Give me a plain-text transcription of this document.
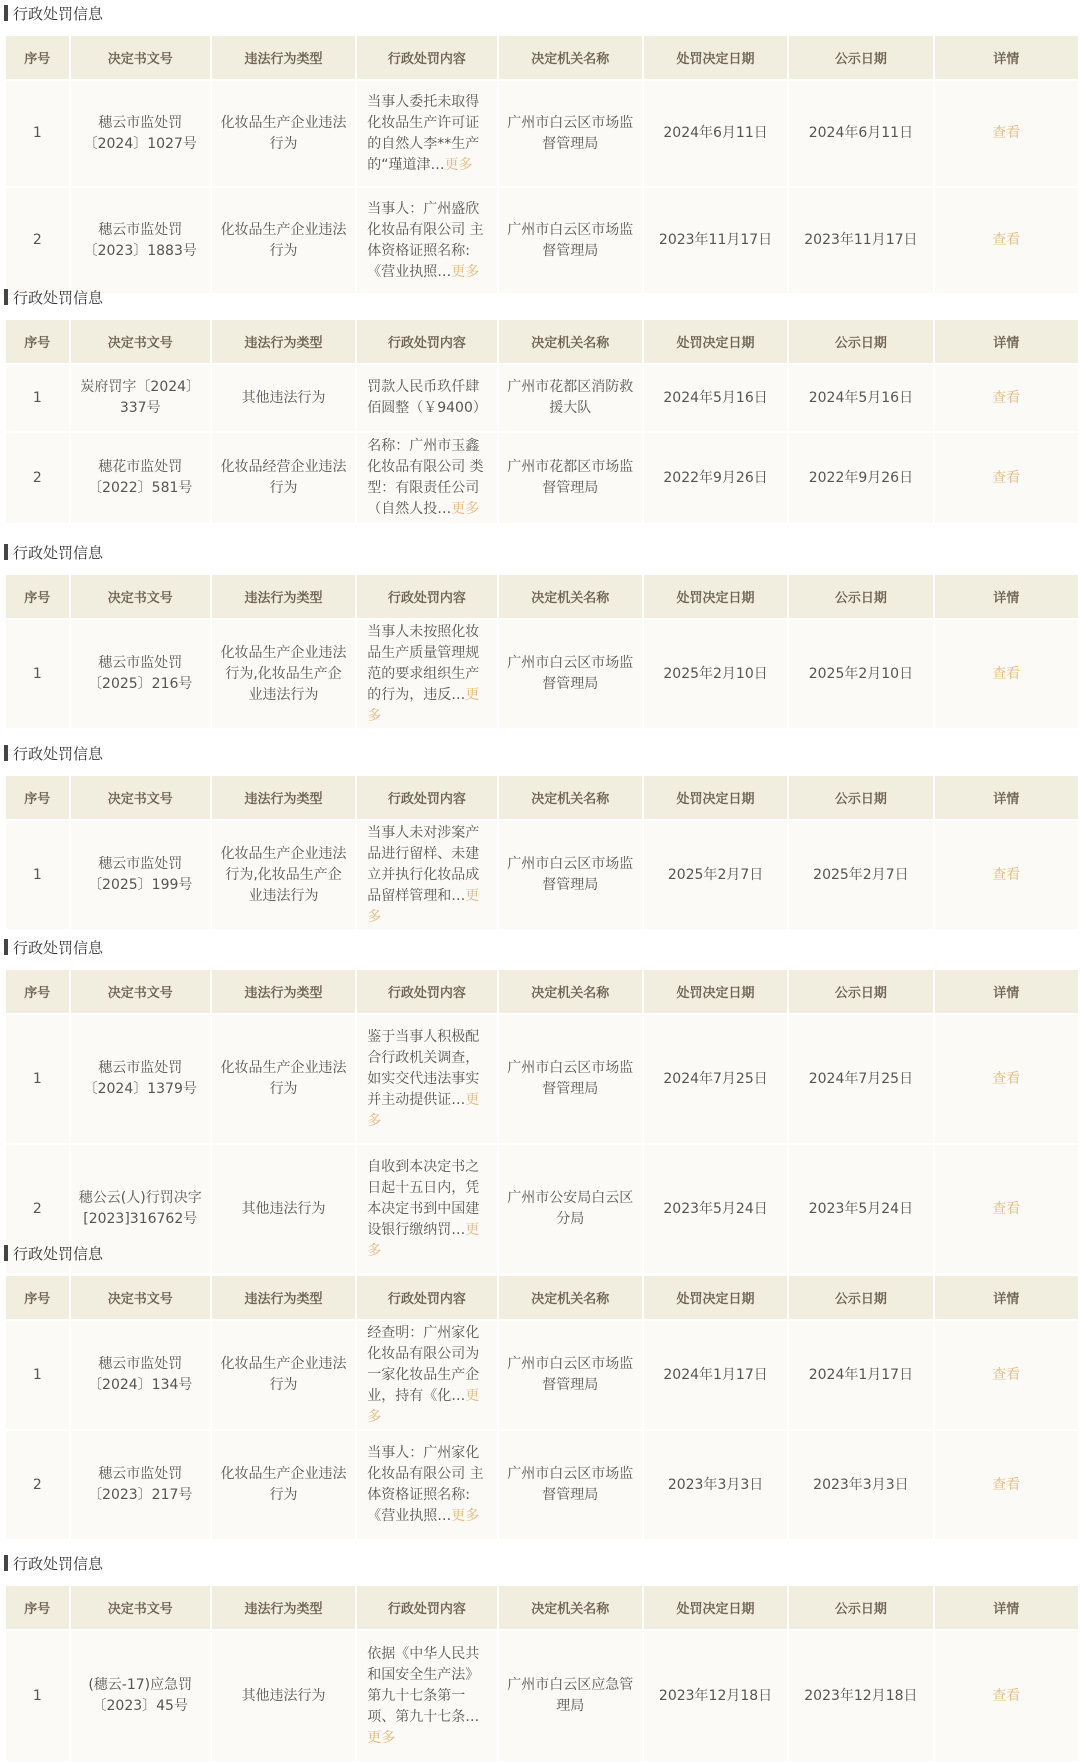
行政处罚信息
序号	决定书文号	违法行为类型	行政处罚内容	决定机关名称	处罚决定日期	公示日期	详情
1	穗云市监处罚〔2024〕1027号	化妆品生产企业违法行为	当事人委托未取得化妆品生产许可证的自然人李**生产的“瑾道津…更多	广州市白云区市场监督管理局	2024年6月11日	2024年6月11日	查看
2	穗云市监处罚〔2023〕1883号	化妆品生产企业违法行为	当事人：广州盛欣化妆品有限公司 主体资格证照名称:《营业执照…更多	广州市白云区市场监督管理局	2023年11月17日	2023年11月17日	查看
行政处罚信息
序号	决定书文号	违法行为类型	行政处罚内容	决定机关名称	处罚决定日期	公示日期	详情
1	炭府罚字〔2024〕337号	其他违法行为	罚款人民币玖仟肆佰圆整（￥9400）	广州市花都区消防救援大队	2024年5月16日	2024年5月16日	查看
2	穗花市监处罚〔2022〕581号	化妆品经营企业违法行为	名称：广州市玉鑫化妆品有限公司 类型：有限责任公司（自然人投…更多	广州市花都区市场监督管理局	2022年9月26日	2022年9月26日	查看
行政处罚信息
序号	决定书文号	违法行为类型	行政处罚内容	决定机关名称	处罚决定日期	公示日期	详情
1	穗云市监处罚〔2025〕216号	化妆品生产企业违法行为,化妆品生产企业违法行为	当事人未按照化妆品生产质量管理规范的要求组织生产的行为，违反…更多	广州市白云区市场监督管理局	2025年2月10日	2025年2月10日	查看
行政处罚信息
序号	决定书文号	违法行为类型	行政处罚内容	决定机关名称	处罚决定日期	公示日期	详情
1	穗云市监处罚〔2025〕199号	化妆品生产企业违法行为,化妆品生产企业违法行为	当事人未对涉案产品进行留样、未建立并执行化妆品成品留样管理和…更多	广州市白云区市场监督管理局	2025年2月7日	2025年2月7日	查看
行政处罚信息
序号	决定书文号	违法行为类型	行政处罚内容	决定机关名称	处罚决定日期	公示日期	详情
1	穗云市监处罚〔2024〕1379号	化妆品生产企业违法行为	鉴于当事人积极配合行政机关调查，如实交代违法事实并主动提供证…更多	广州市白云区市场监督管理局	2024年7月25日	2024年7月25日	查看
2	穗公云(人)行罚决字[2023]316762号	其他违法行为	自收到本决定书之日起十五日内，凭本决定书到中国建设银行缴纳罚…更多	广州市公安局白云区分局	2023年5月24日	2023年5月24日	查看
行政处罚信息
序号	决定书文号	违法行为类型	行政处罚内容	决定机关名称	处罚决定日期	公示日期	详情
1	穗云市监处罚〔2024〕134号	化妆品生产企业违法行为	经查明：广州家化化妆品有限公司为一家化妆品生产企业，持有《化…更多	广州市白云区市场监督管理局	2024年1月17日	2024年1月17日	查看
2	穗云市监处罚〔2023〕217号	化妆品生产企业违法行为	当事人：广州家化化妆品有限公司 主体资格证照名称:《营业执照…更多	广州市白云区市场监督管理局	2023年3月3日	2023年3月3日	查看
行政处罚信息
序号	决定书文号	违法行为类型	行政处罚内容	决定机关名称	处罚决定日期	公示日期	详情
1	(穗云-17)应急罚〔2023〕45号	其他违法行为	依据《中华人民共和国安全生产法》第九十七条第一项、第九十七条…更多	广州市白云区应急管理局	2023年12月18日	2023年12月18日	查看
